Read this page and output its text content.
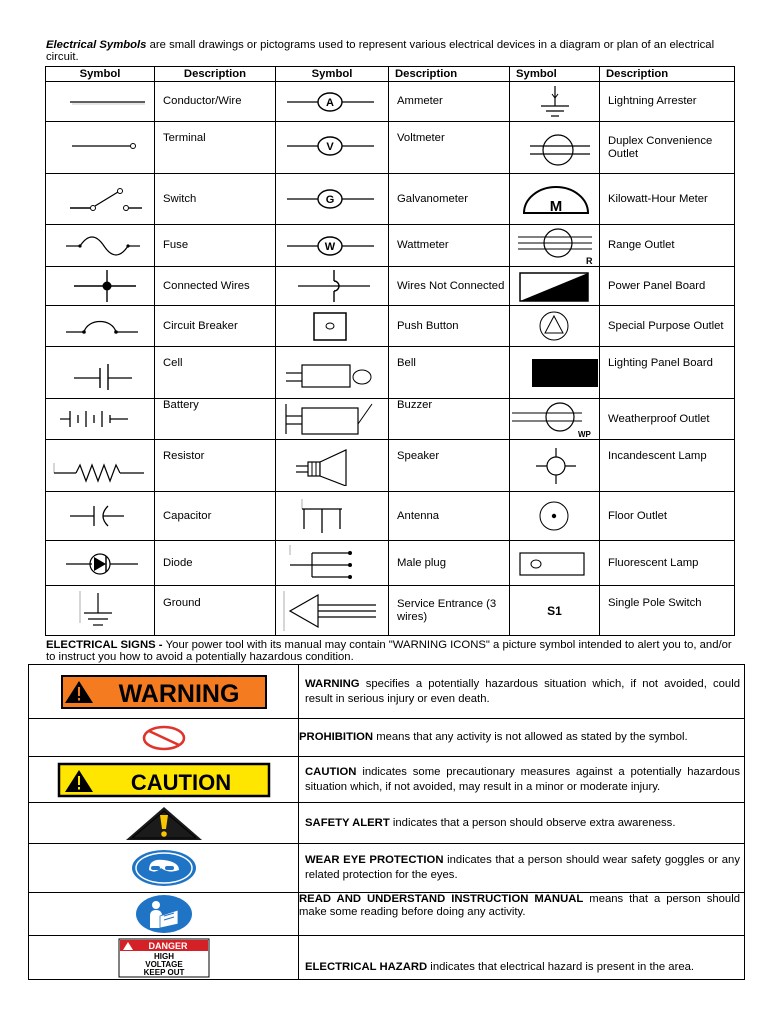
Electrical Symbols are small drawings or pictograms used to represent various electrical devices in a diagram or plan of an electrical circuit.
Symbol	Description	Symbol	Description	Symbol	Description

	Conductor/Wire	A	Ammeter		Lightning Arrester

	Terminal	V	Voltmeter		Duplex Convenience Outlet

	Switch	G	Galvanometer	M	Kilowatt-Hour Meter

	Fuse	W	Wattmeter	R	Range Outlet

	Connected Wires		Wires Not Connected		Power Panel Board

	Circuit Breaker		Push Button		Special Purpose Outlet

	Cell		Bell		Lighting Panel Board

	Battery		Buzzer	WP	Weatherproof Outlet

	Resistor		Speaker		Incandescent Lamp

	Capacitor		Antenna		Floor Outlet

	Diode		Male plug		Fluorescent Lamp

	Ground		Service Entrance (3 wires)	S1	Single Pole Switch
ELECTRICAL SIGNS - Your power tool with its manual may contain "WARNING ICONS" a picture symbol intended to alert you to, and/or to instruct you how to avoid a potentially hazardous condition.
WARNING	WARNING specifies a potentially hazardous situation which, if not avoided, could result in serious injury or even death.

	PROHIBITION means that any activity is not allowed as stated by the symbol.

CAUTION	CAUTION indicates some precautionary measures against a potentially hazardous situation which, if not avoided, may result in a minor or moderate injury.

	SAFETY ALERT indicates that a person should observe extra awareness.

	WEAR EYE PROTECTION indicates that a person should wear safety goggles or any related protection for the eyes.

	READ AND UNDERSTAND INSTRUCTION MANUAL means that a person should make some reading before doing any activity.

DANGER
HIGH
VOLTAGE
KEEP OUT	ELECTRICAL HAZARD indicates that electrical hazard is present in the area.
